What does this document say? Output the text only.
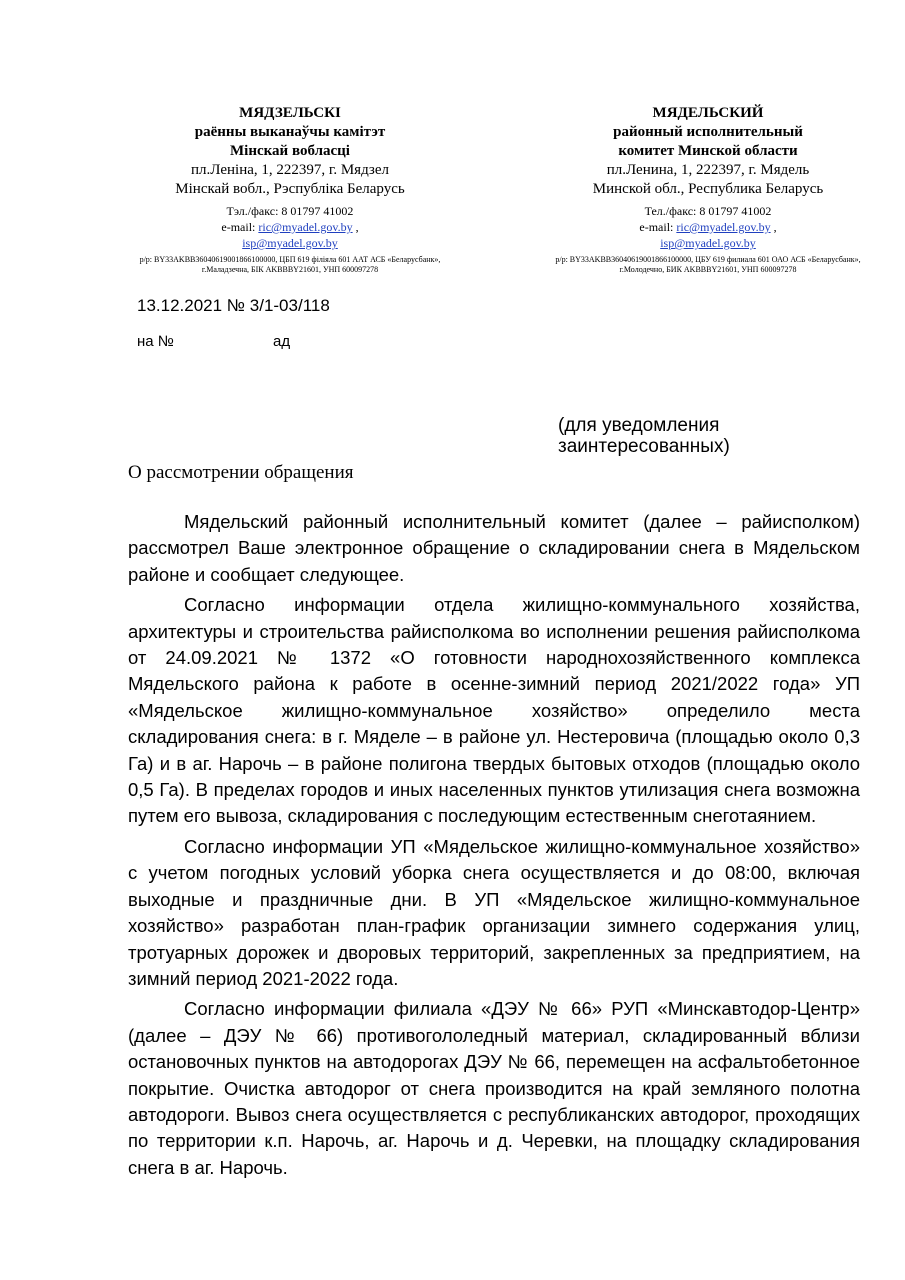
МЯДЗЕЛЬСКІ
раённы выканаўчы камітэт
Мінскай вобласці
пл.Леніна, 1, 222397, г. Мядзел
Мінскай вобл., Рэспубліка Беларусь
Тэл./факс: 8 01797 41002
e-mail: ric@myadel.gov.by ,
isp@myadel.gov.by
р/р: BY33AKBB36040619001866100000, ЦБП 619 філіяла 601 ААТ АСБ «Беларусбанк», г.Маладзечна, БІК AKBBBY21601, УНП 600097278
МЯДЕЛЬСКИЙ
районный исполнительный
комитет Минской области
пл.Ленина, 1, 222397, г. Мядель
Минской обл., Республика Беларусь
Тел./факс: 8 01797 41002
e-mail: ric@myadel.gov.by ,
isp@myadel.gov.by
р/р: BY33AKBB36040619001866100000, ЦБУ 619 филиала 601 ОАО АСБ «Беларусбанк», г.Молодечно, БИК AKBBBY21601, УНП 600097278
13.12.2021 № 3/1-03/118
на №	ад
(для уведомления
заинтересованных)
О рассмотрении обращения

Мядельский районный исполнительный комитет (далее – райисполком) рассмотрел Ваше электронное обращение о складировании снега в Мядельском районе и сообщает следующее.

Согласно информации отдела жилищно-коммунального хозяйства, архитектуры и строительства райисполкома во исполнении решения райисполкома от 24.09.2021 № 1372 «О готовности народнохозяйственного комплекса Мядельского района к работе в осенне-зимний период 2021/2022 года» УП «Мядельское жилищно-коммунальное хозяйство» определило места складирования снега: в г. Мяделе – в районе ул. Нестеровича (площадью около 0,3 Га) и в аг. Нарочь – в районе полигона твердых бытовых отходов (площадью около 0,5 Га). В пределах городов и иных населенных пунктов утилизация снега возможна путем его вывоза, складирования с последующим естественным снеготаянием.

Согласно информации УП «Мядельское жилищно-коммунальное хозяйство» с учетом погодных условий уборка снега осуществляется и до 08:00, включая выходные и праздничные дни. В УП «Мядельское жилищно-коммунальное хозяйство» разработан план-график организации зимнего содержания улиц, тротуарных дорожек и дворовых территорий, закрепленных за предприятием, на зимний период 2021-2022 года.

Согласно информации филиала «ДЭУ № 66» РУП «Минскавтодор-Центр» (далее – ДЭУ № 66) противогололедный материал, складированный вблизи остановочных пунктов на автодорогах ДЭУ № 66, перемещен на асфальтобетонное покрытие. Очистка автодорог от снега производится на край земляного полотна автодороги. Вывоз снега осуществляется с республиканских автодорог, проходящих по территории к.п. Нарочь, аг. Нарочь и д. Черевки, на площадку складирования снега в аг. Нарочь.
